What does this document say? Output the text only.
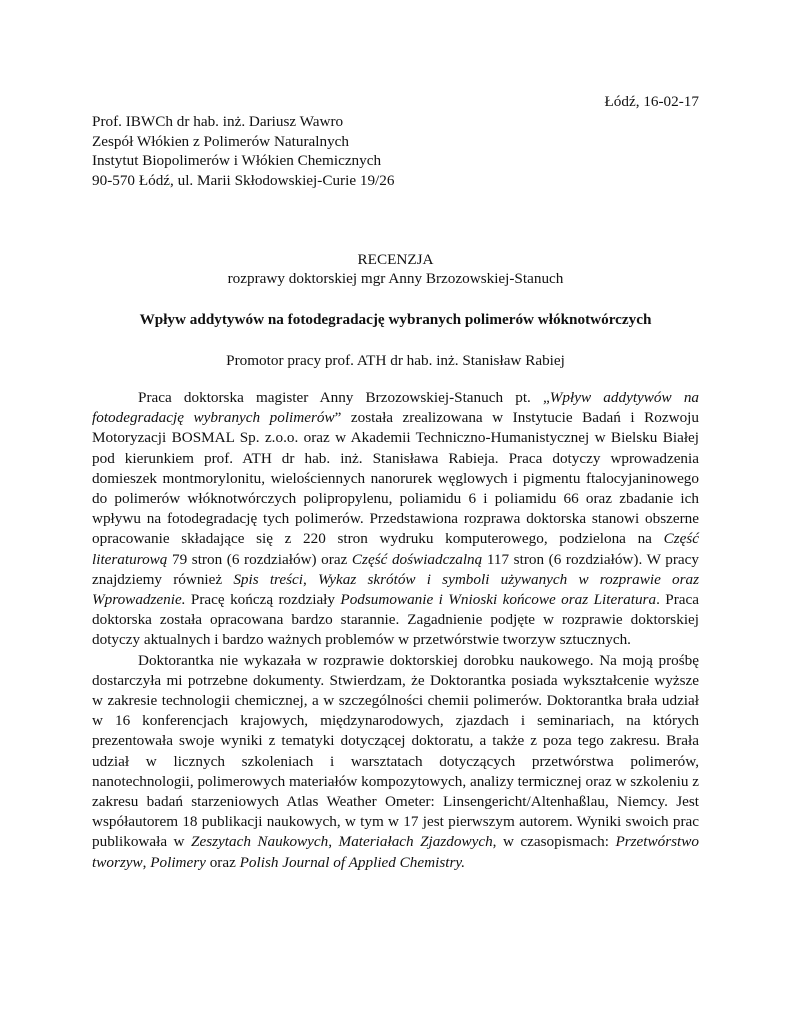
Łódź, 16-02-17
Prof. IBWCh dr hab. inż. Dariusz Wawro
Zespół Włókien z Polimerów Naturalnych
Instytut Biopolimerów i Włókien Chemicznych
90-570 Łódź, ul. Marii Skłodowskiej-Curie 19/26
RECENZJA
rozprawy doktorskiej mgr Anny Brzozowskiej-Stanuch
Wpływ addytywów na fotodegradację wybranych polimerów włóknotwórczych
Promotor pracy prof. ATH dr hab. inż. Stanisław Rabiej

Praca doktorska magister Anny Brzozowskiej-Stanuch pt. „Wpływ addytywów na fotodegradację wybranych polimerów” została zrealizowana w Instytucie Badań i Rozwoju Motoryzacji BOSMAL Sp. z.o.o. oraz w Akademii Techniczno-Humanistycznej w Bielsku Białej pod kierunkiem prof. ATH dr hab. inż. Stanisława Rabieja. Praca dotyczy wprowadzenia domieszek montmorylonitu, wielościennych nanorurek węglowych i pigmentu ftalocyjaninowego do polimerów włóknotwórczych polipropylenu, poliamidu 6 i poliamidu 66 oraz zbadanie ich wpływu na fotodegradację tych polimerów. Przedstawiona rozprawa doktorska stanowi obszerne opracowanie składające się z 220 stron wydruku komputerowego, podzielona na Część literaturową 79 stron (6 rozdziałów) oraz Część doświadczalną 117 stron (6 rozdziałów). W pracy znajdziemy również Spis treści, Wykaz skrótów i symboli używanych w rozprawie oraz Wprowadzenie. Pracę kończą rozdziały Podsumowanie i Wnioski końcowe oraz Literatura. Praca doktorska została opracowana bardzo starannie. Zagadnienie podjęte w rozprawie doktorskiej dotyczy aktualnych i bardzo ważnych problemów w przetwórstwie tworzyw sztucznych.

Doktorantka nie wykazała w rozprawie doktorskiej dorobku naukowego. Na moją prośbę dostarczyła mi potrzebne dokumenty. Stwierdzam, że Doktorantka posiada wykształcenie wyższe w zakresie technologii chemicznej, a w szczególności chemii polimerów. Doktorantka brała udział w 16 konferencjach krajowych, międzynarodowych, zjazdach i seminariach, na których prezentowała swoje wyniki z tematyki dotyczącej doktoratu, a także z poza tego zakresu. Brała udział w licznych szkoleniach i warsztatach dotyczących przetwórstwa polimerów, nanotechnologii, polimerowych materiałów kompozytowych, analizy termicznej oraz w szkoleniu z zakresu badań starzeniowych Atlas Weather Ometer: Linsengericht/Altenhaßlau, Niemcy. Jest współautorem 18 publikacji naukowych, w tym w 17 jest pierwszym autorem. Wyniki swoich prac publikowała w Zeszytach Naukowych, Materiałach Zjazdowych, w czasopismach: Przetwórstwo tworzyw, Polimery oraz Polish Journal of Applied Chemistry.
